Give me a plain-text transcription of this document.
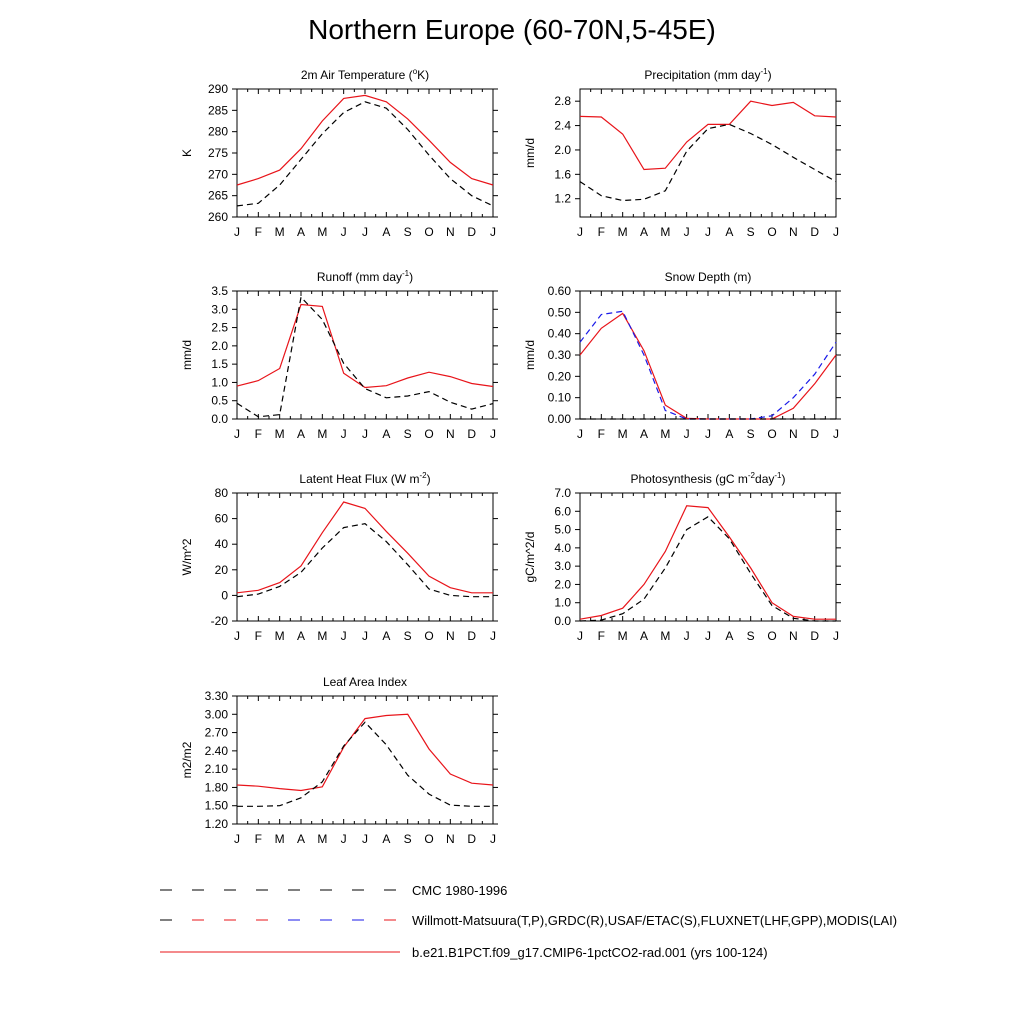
Northern Europe (60-70N,5-45E)
J F M A M J J A S O N D J
260
265
270
275
280
285
290
K
2m Air Temperature ($^o$K)
J F M A M J J A S O N D J
1.2
1.6
2.0
2.4
2.8
mm/d
Precipitation (mm day$^{-1}$)
J F M A M J J A S O N D J
0.0
0.5
1.0
1.5
2.0
2.5
3.0
3.5
mm/d
Runoff (mm day$^{-1}$)
J F M A M J J A S O N D J
0.00
0.10
0.20
0.30
0.40
0.50
0.60
mm/d
Snow Depth (m)
J F M A M J J A S O N D J
-20
0
20
40
60
80
W/m^2
Latent Heat Flux (W $m^{-2}$)
J F M A M J J A S O N D J
0.0
1.0
2.0
3.0
4.0
5.0
6.0
7.0
gC/m^2/d
Photosynthesis (gC $m^{-2}day^{-1}$)
J F M A M J J A S O N D J
1.20
1.50
1.80
2.10
2.40
2.70
3.00
3.30
m2/m2
Leaf Area Index
CMC 1980-1996
Willmott-Matsuura(T,P),GRDC(R),USAF/ETAC(S),FLUXNET(LHF,GPP),MODIS(LAI)
b.e21.B1PCT.f09_g17.CMIP6-1pctCO2-rad.001 (yrs 100-124)
